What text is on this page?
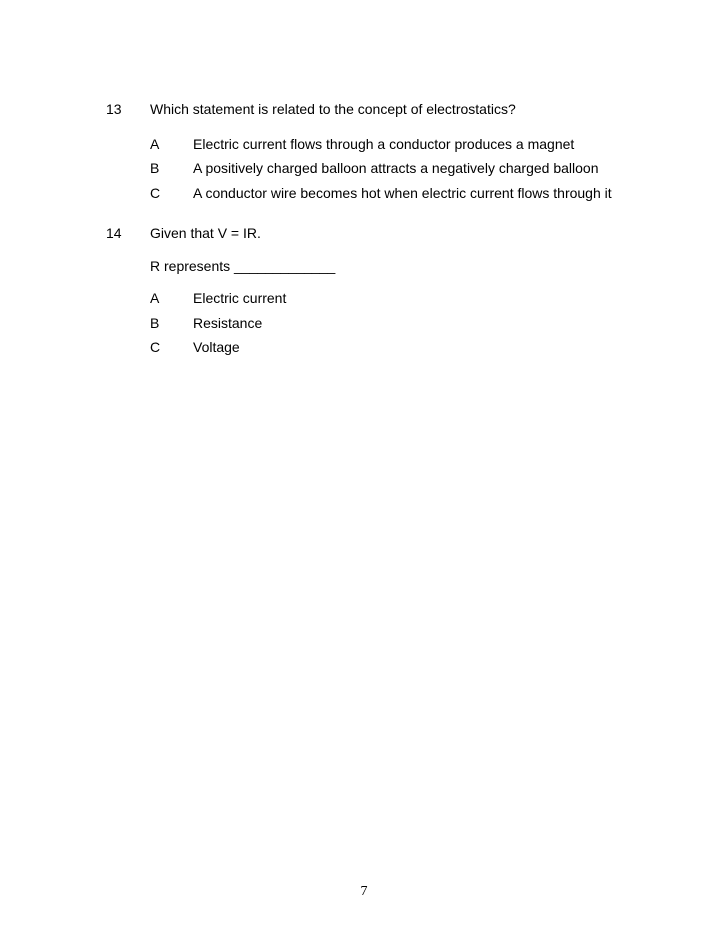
13 Which statement is related to the concept of electrostatics?
A Electric current flows through a conductor produces a magnet
B A positively charged balloon attracts a negatively charged balloon
C A conductor wire becomes hot when electric current flows through it
14 Given that V = IR.
R represents _____________
A Electric current
B Resistance
C Voltage
7
